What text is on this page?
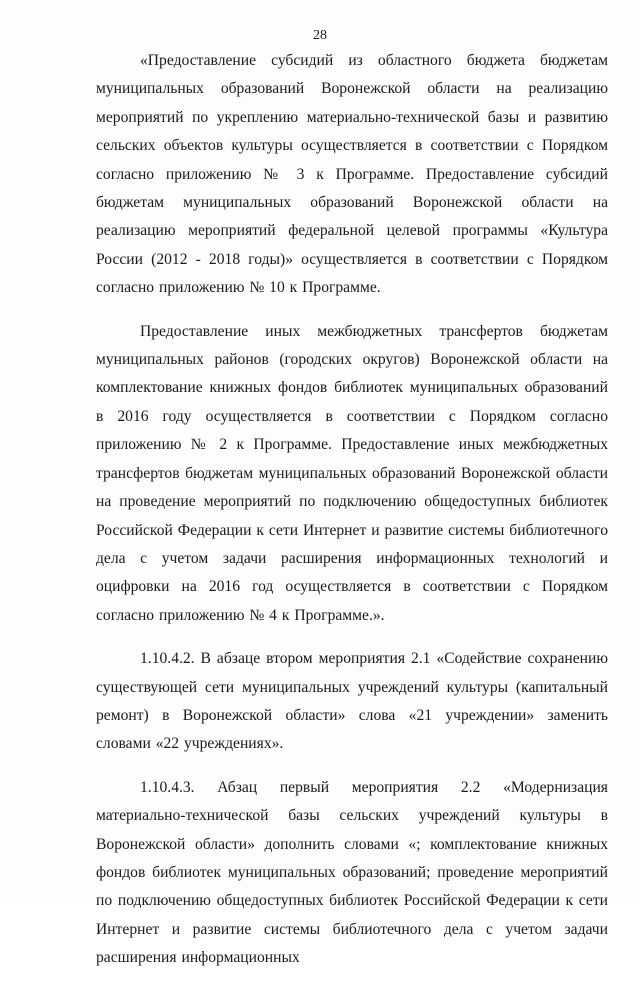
28

«Предоставление субсидий из областного бюджета бюджетам муниципальных образований Воронежской области на реализацию мероприятий по укреплению материально-технической базы и развитию сельских объектов культуры осуществляется в соответствии с Порядком согласно приложению № 3 к Программе. Предоставление субсидий бюджетам муниципальных образований Воронежской области на реализацию мероприятий федеральной целевой программы «Культура России (2012 - 2018 годы)» осуществляется в соответствии с Порядком согласно приложению № 10 к Программе.

Предоставление иных межбюджетных трансфертов бюджетам муниципальных районов (городских округов) Воронежской области на комплектование книжных фондов библиотек муниципальных образований в 2016 году осуществляется в соответствии с Порядком согласно приложению № 2 к Программе. Предоставление иных межбюджетных трансфертов бюджетам муниципальных образований Воронежской области на проведение мероприятий по подключению общедоступных библиотек Российской Федерации к сети Интернет и развитие системы библиотечного дела с учетом задачи расширения информационных технологий и оцифровки на 2016 год осуществляется в соответствии с Порядком согласно приложению № 4 к Программе.».

1.10.4.2. В абзаце втором мероприятия 2.1 «Содействие сохранению существующей сети муниципальных учреждений культуры (капитальный ремонт) в Воронежской области» слова «21 учреждении» заменить словами «22 учреждениях».

1.10.4.3. Абзац первый мероприятия 2.2 «Модернизация материально-технической базы сельских учреждений культуры в Воронежской области» дополнить словами «; комплектование книжных фондов библиотек муниципальных образований; проведение мероприятий по подключению общедоступных библиотек Российской Федерации к сети Интернет и развитие системы библиотечного дела с учетом задачи расширения информационных
